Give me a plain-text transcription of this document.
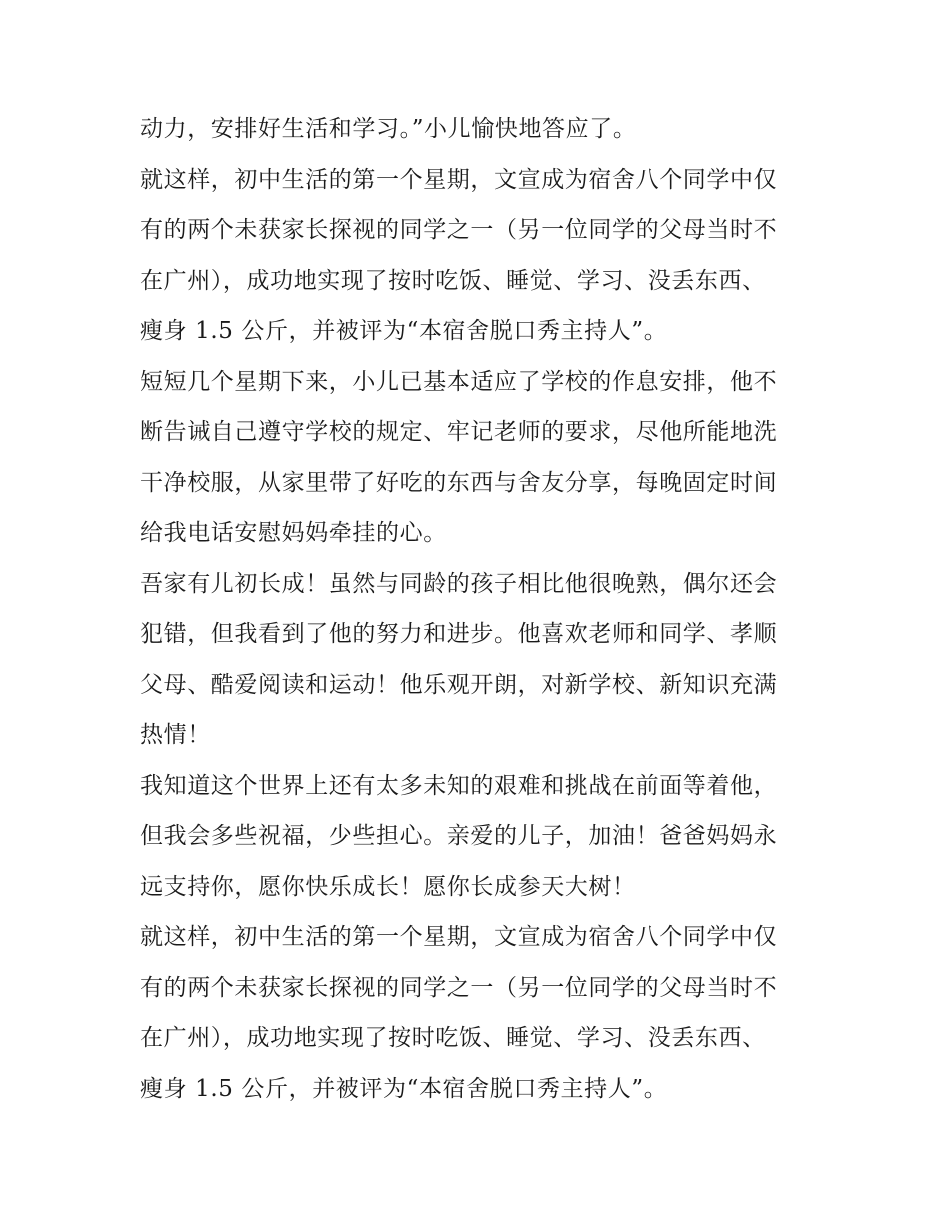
动力，安排好生活和学习。”小儿愉快地答应了。
就这样，初中生活的第一个星期，文宣成为宿舍八个同学中仅
有的两个未获家长探视的同学之一（另一位同学的父母当时不
在广州），成功地实现了按时吃饭、睡觉、学习、没丢东西、
瘦身 1.5 公斤，并被评为“本宿舍脱口秀主持人”。
短短几个星期下来，小儿已基本适应了学校的作息安排，他不
断告诫自己遵守学校的规定、牢记老师的要求，尽他所能地洗
干净校服，从家里带了好吃的东西与舍友分享，每晚固定时间
给我电话安慰妈妈牵挂的心。
吾家有儿初长成！虽然与同龄的孩子相比他很晚熟，偶尔还会
犯错，但我看到了他的努力和进步。他喜欢老师和同学、孝顺
父母、酷爱阅读和运动！他乐观开朗，对新学校、新知识充满
热情！
我知道这个世界上还有太多未知的艰难和挑战在前面等着他，
但我会多些祝福，少些担心。亲爱的儿子，加油！爸爸妈妈永
远支持你，愿你快乐成长！愿你长成参天大树！
就这样，初中生活的第一个星期，文宣成为宿舍八个同学中仅
有的两个未获家长探视的同学之一（另一位同学的父母当时不
在广州），成功地实现了按时吃饭、睡觉、学习、没丢东西、
瘦身 1.5 公斤，并被评为“本宿舍脱口秀主持人”。
